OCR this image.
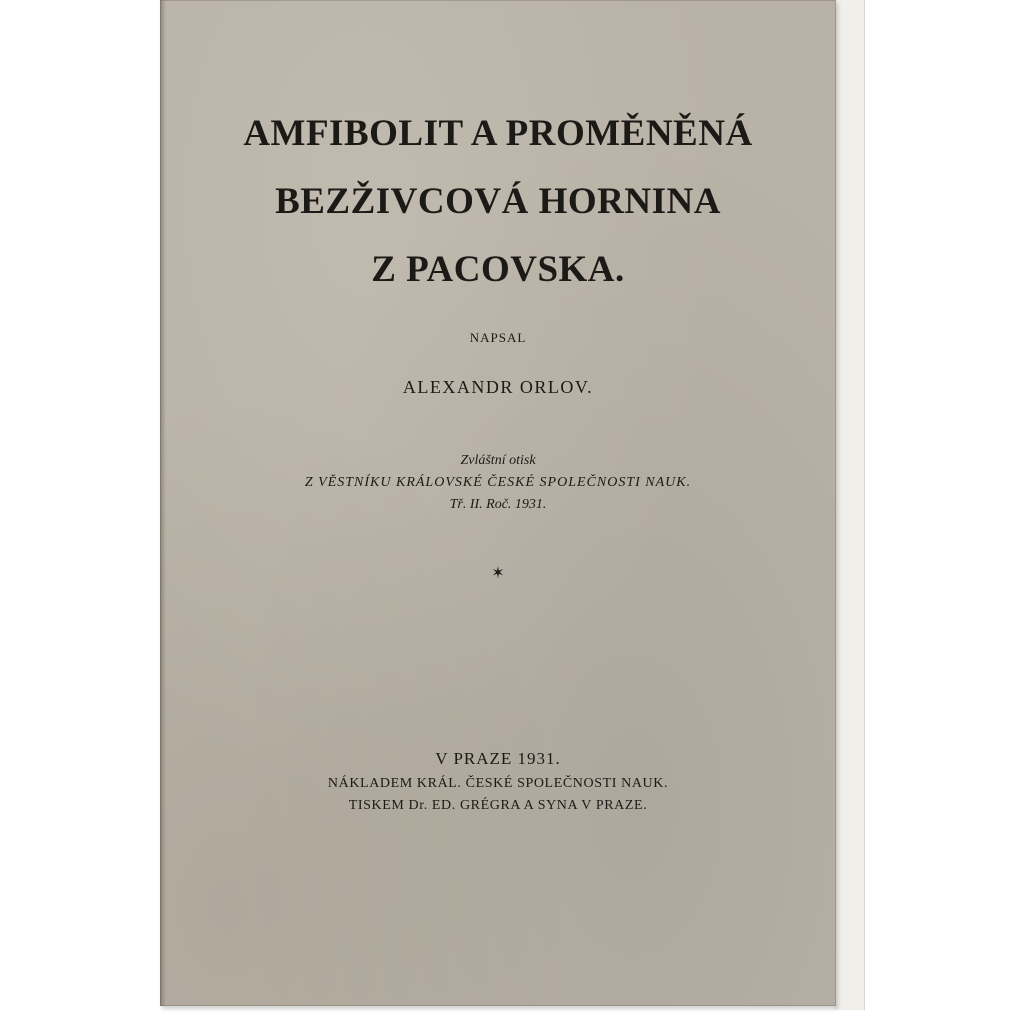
AMFIBOLIT A PROMĚNĚNÁ
BEZŽIVCOVÁ HORNINA
Z PACOVSKA.
NAPSAL
ALEXANDR ORLOV.
Zvláštní otisk
Z VĚSTNÍKU KRÁLOVSKÉ ČESKÉ SPOLEČNOSTI NAUK.
Tř. II. Roč. 1931.
✶
V PRAZE 1931.
NÁKLADEM KRÁL. ČESKÉ SPOLEČNOSTI NAUK.
TISKEM Dr. ED. GRÉGRA A SYNA V PRAZE.
